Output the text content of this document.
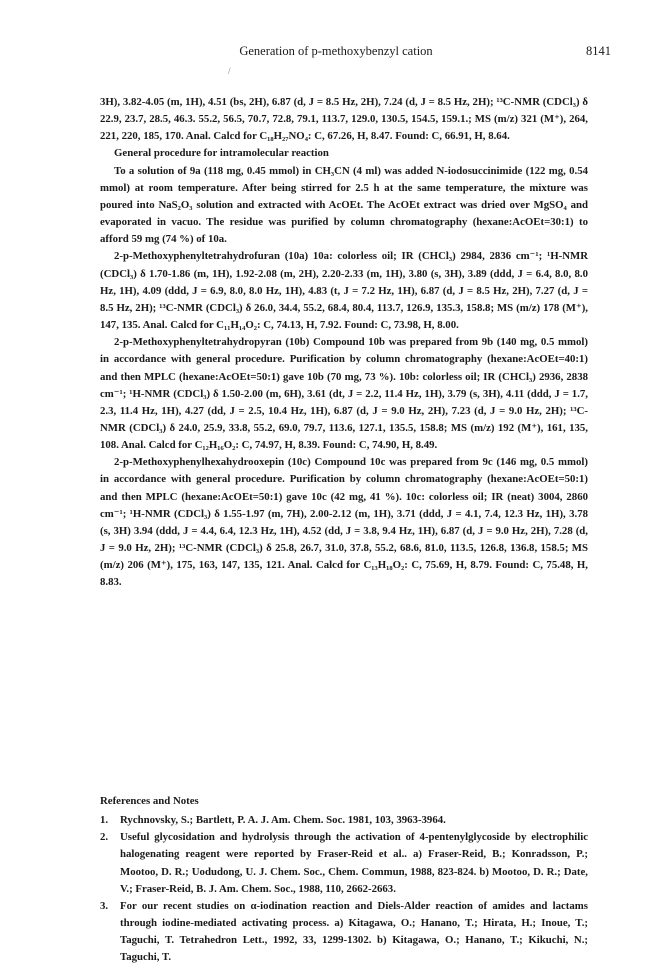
Generation of p-methoxybenzyl cation	8141
/

3H), 3.82-4.05 (m, 1H), 4.51 (bs, 2H), 6.87 (d, J = 8.5 Hz, 2H), 7.24 (d, J = 8.5 Hz, 2H); ¹³C-NMR (CDCl₃) δ 22.9, 23.7, 28.5, 46.3. 55.2, 56.5, 70.7, 72.8, 79.1, 113.7, 129.0, 130.5, 154.5, 159.1.; MS (m/z) 321 (M⁺), 264, 221, 220, 185, 170. Anal. Calcd for C₁₈H₂₇NO₄: C, 67.26, H, 8.47. Found: C, 66.91, H, 8.64.

General procedure for intramolecular reaction

To a solution of 9a (118 mg, 0.45 mmol) in CH₃CN (4 ml) was added N-iodosuccinimide (122 mg, 0.54 mmol) at room temperature. After being stirred for 2.5 h at the same temperature, the mixture was poured into NaS₂O₃ solution and extracted with AcOEt. The AcOEt extract was dried over MgSO₄ and evaporated in vacuo. The residue was purified by column chromatography (hexane:AcOEt=30:1) to afford 59 mg (74 %) of 10a.

2-p-Methoxyphenyltetrahydrofuran (10a) 10a: colorless oil; IR (CHCl₃) 2984, 2836 cm⁻¹; ¹H-NMR (CDCl₃) δ 1.70-1.86 (m, 1H), 1.92-2.08 (m, 2H), 2.20-2.33 (m, 1H), 3.80 (s, 3H), 3.89 (ddd, J = 6.4, 8.0, 8.0 Hz, 1H), 4.09 (ddd, J = 6.9, 8.0, 8.0 Hz, 1H), 4.83 (t, J = 7.2 Hz, 1H), 6.87 (d, J = 8.5 Hz, 2H), 7.27 (d, J = 8.5 Hz, 2H); ¹³C-NMR (CDCl₃) δ 26.0, 34.4, 55.2, 68.4, 80.4, 113.7, 126.9, 135.3, 158.8; MS (m/z) 178 (M⁺), 147, 135. Anal. Calcd for C₁₁H₁₄O₂: C, 74.13, H, 7.92. Found: C, 73.98, H, 8.00.

2-p-Methoxyphenyltetrahydropyran (10b) Compound 10b was prepared from 9b (140 mg, 0.5 mmol) in accordance with general procedure. Purification by column chromatography (hexane:AcOEt=40:1) and then MPLC (hexane:AcOEt=50:1) gave 10b (70 mg, 73 %). 10b: colorless oil; IR (CHCl₃) 2936, 2838 cm⁻¹; ¹H-NMR (CDCl₃) δ 1.50-2.00 (m, 6H), 3.61 (dt, J = 2.2, 11.4 Hz, 1H), 3.79 (s, 3H), 4.11 (ddd, J = 1.7, 2.3, 11.4 Hz, 1H), 4.27 (dd, J = 2.5, 10.4 Hz, 1H), 6.87 (d, J = 9.0 Hz, 2H), 7.23 (d, J = 9.0 Hz, 2H); ¹³C-NMR (CDCl₃) δ 24.0, 25.9, 33.8, 55.2, 69.0, 79.7, 113.6, 127.1, 135.5, 158.8; MS (m/z) 192 (M⁺), 161, 135, 108. Anal. Calcd for C₁₂H₁₆O₂: C, 74.97, H, 8.39. Found: C, 74.90, H, 8.49.

2-p-Methoxyphenylhexahydrooxepin (10c) Compound 10c was prepared from 9c (146 mg, 0.5 mmol) in accordance with general procedure. Purification by column chromatography (hexane:AcOEt=50:1) and then MPLC (hexane:AcOEt=50:1) gave 10c (42 mg, 41 %). 10c: colorless oil; IR (neat) 3004, 2860 cm⁻¹; ¹H-NMR (CDCl₃) δ 1.55-1.97 (m, 7H), 2.00-2.12 (m, 1H), 3.71 (ddd, J = 4.1, 7.4, 12.3 Hz, 1H), 3.78 (s, 3H) 3.94 (ddd, J = 4.4, 6.4, 12.3 Hz, 1H), 4.52 (dd, J = 3.8, 9.4 Hz, 1H), 6.87 (d, J = 9.0 Hz, 2H), 7.28 (d, J = 9.0 Hz, 2H); ¹³C-NMR (CDCl₃) δ 25.8, 26.7, 31.0, 37.8, 55.2, 68.6, 81.0, 113.5, 126.8, 136.8, 158.5; MS (m/z) 206 (M⁺), 175, 163, 147, 135, 121. Anal. Calcd for C₁₃H₁₈O₂: C, 75.69, H, 8.79. Found: C, 75.48, H, 8.83.

References and Notes
1. Rychnovsky, S.; Bartlett, P. A. J. Am. Chem. Soc. 1981, 103, 3963-3964.
2. Useful glycosidation and hydrolysis through the activation of 4-pentenylglycoside by electrophilic halogenating reagent were reported by Fraser-Reid et al.. a) Fraser-Reid, B.; Konradsson, P.; Mootoo, D. R.; Uodudong, U. J. Chem. Soc., Chem. Commun, 1988, 823-824. b) Mootoo, D. R.; Date, V.; Fraser-Reid, B. J. Am. Chem. Soc., 1988, 110, 2662-2663.
3. For our recent studies on α-iodination reaction and Diels-Alder reaction of amides and lactams through iodine-mediated activating process. a) Kitagawa, O.; Hanano, T.; Hirata, H.; Inoue, T.; Taguchi, T. Tetrahedron Lett., 1992, 33, 1299-1302. b) Kitagawa, O.; Hanano, T.; Kikuchi, N.; Taguchi, T.
